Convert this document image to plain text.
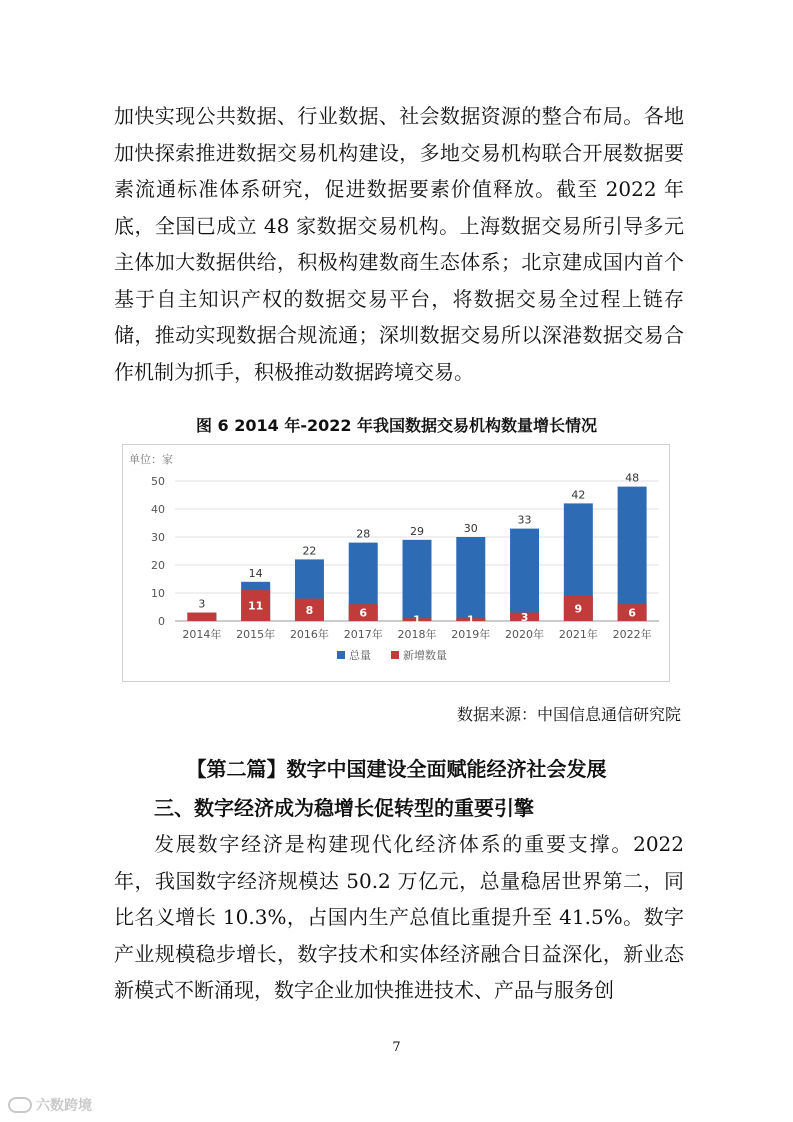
加快实现公共数据、行业数据、社会数据资源的整合布局。各地加快探索推进数据交易机构建设，多地交易机构联合开展数据要素流通标准体系研究，促进数据要素价值释放。截至 2022 年底，全国已成立 48 家数据交易机构。上海数据交易所引导多元主体加大数据供给，积极构建数商生态体系；北京建成国内首个基于自主知识产权的数据交易平台，将数据交易全过程上链存储，推动实现数据合规流通；深圳数据交易所以深港数据交易合作机制为抓手，积极推动数据跨境交易。

图 6 2014 年-2022 年我国数据交易机构数量增长情况
单位：家
0
10
20
30
40
50
3
2014年
14
11
2015年
22
8
2016年
28
6
2017年
29
1
2018年
30
1
2019年
33
3
2020年
42
9
2021年
48
6
2022年
总量	新增数量
数据来源：中国信息通信研究院
【第二篇】数字中国建设全面赋能经济社会发展
三、数字经济成为稳增长促转型的重要引擎

发展数字经济是构建现代化经济体系的重要支撑。2022 年，我国数字经济规模达 50.2 万亿元，总量稳居世界第二，同比名义增长 10.3%，占国内生产总值比重提升至 41.5%。数字产业规模稳步增长，数字技术和实体经济融合日益深化，新业态新模式不断涌现，数字企业加快推进技术、产品与服务创

7
六数跨境
